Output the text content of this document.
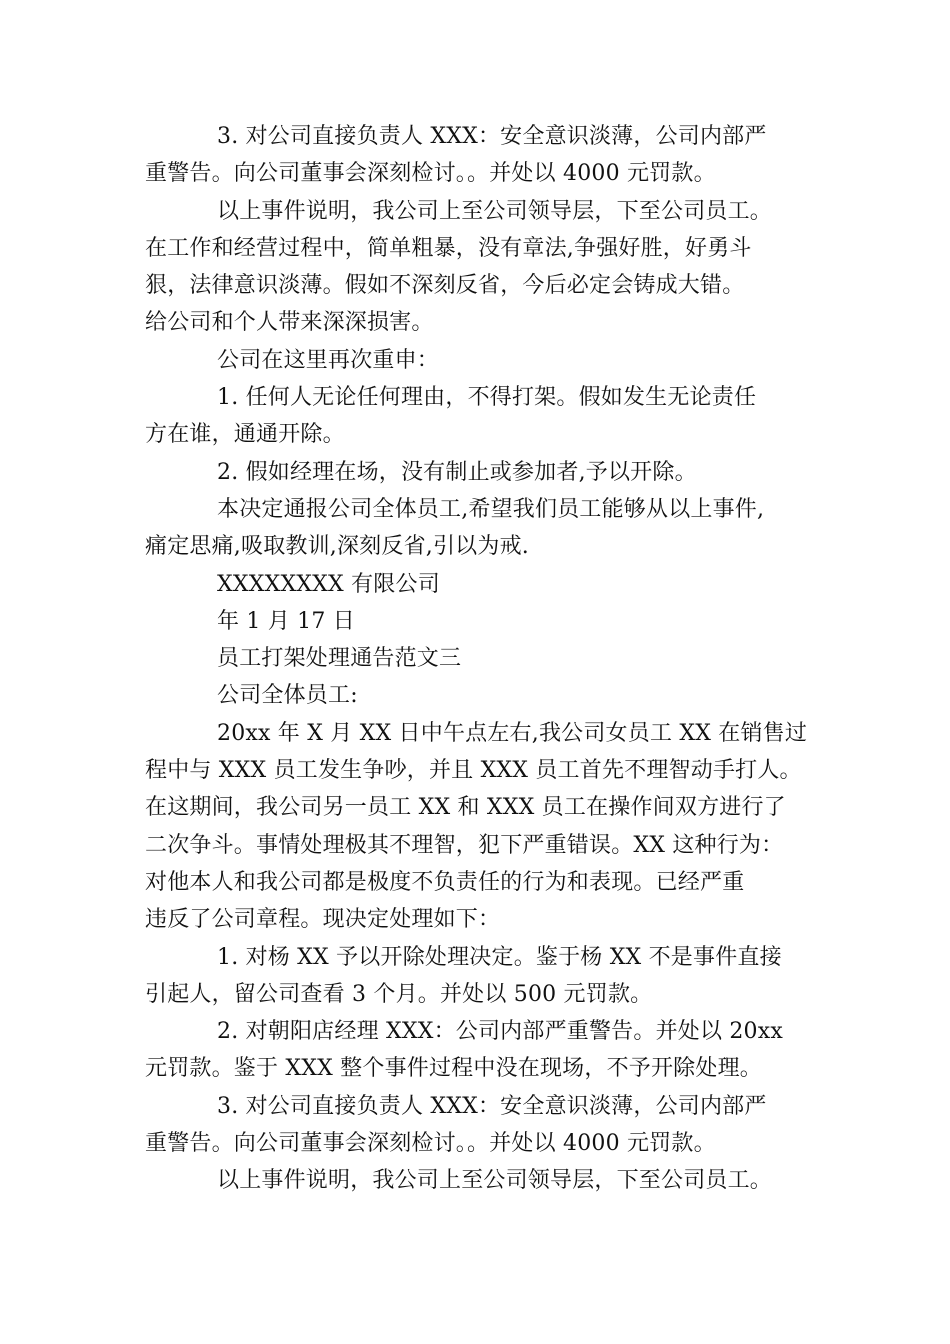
3. 对公司直接负责人 XXX：安全意识淡薄，公司内部严
重警告。向公司董事会深刻检讨。。并处以 4000 元罚款。
以上事件说明，我公司上至公司领导层，下至公司员工。
在工作和经营过程中，简单粗暴，没有章法,争强好胜，好勇斗
狠，法律意识淡薄。假如不深刻反省，今后必定会铸成大错。
给公司和个人带来深深损害。
公司在这里再次重申：
1. 任何人无论任何理由，不得打架。假如发生无论责任
方在谁，通通开除。
2. 假如经理在场，没有制止或参加者,予以开除。
本决定通报公司全体员工,希望我们员工能够从以上事件,
痛定思痛,吸取教训,深刻反省,引以为戒.
XXXXXXXX 有限公司
年 1 月 17 日
员工打架处理通告范文三
公司全体员工:
20xx 年 X 月 XX 日中午点左右,我公司女员工 XX 在销售过
程中与 XXX 员工发生争吵，并且 XXX 员工首先不理智动手打人。
在这期间，我公司另一员工 XX 和 XXX 员工在操作间双方进行了
二次争斗。事情处理极其不理智，犯下严重错误。XX 这种行为：
对他本人和我公司都是极度不负责任的行为和表现。已经严重
违反了公司章程。现决定处理如下：
1. 对杨 XX 予以开除处理决定。鉴于杨 XX 不是事件直接
引起人，留公司查看 3 个月。并处以 500 元罚款。
2. 对朝阳店经理 XXX：公司内部严重警告。并处以 20xx
元罚款。鉴于 XXX 整个事件过程中没在现场，不予开除处理。
3. 对公司直接负责人 XXX：安全意识淡薄，公司内部严
重警告。向公司董事会深刻检讨。。并处以 4000 元罚款。
以上事件说明，我公司上至公司领导层，下至公司员工。
